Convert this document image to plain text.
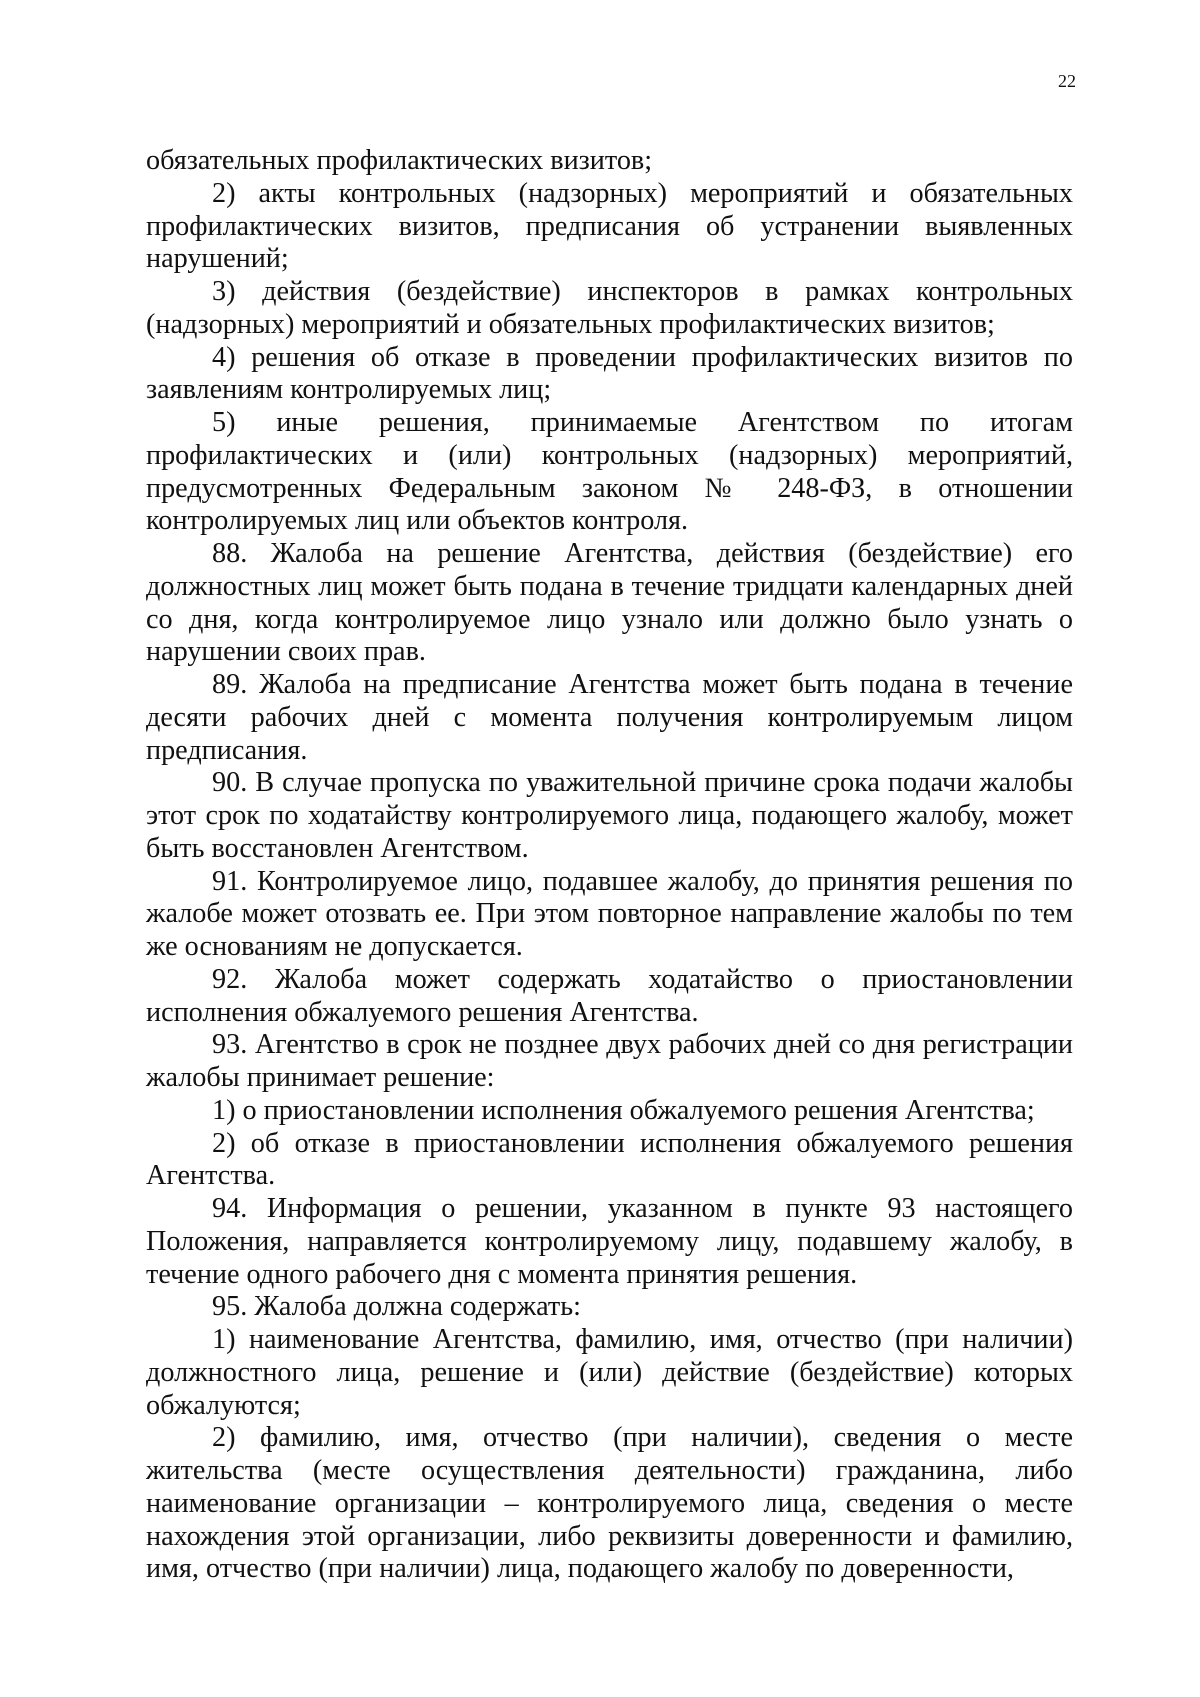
22

обязательных профилактических визитов;

2) акты контрольных (надзорных) мероприятий и обязательных профилактических визитов, предписания об устранении выявленных нарушений;

3) действия (бездействие) инспекторов в рамках контрольных (надзорных) мероприятий и обязательных профилактических визитов;

4) решения об отказе в проведении профилактических визитов по заявлениям контролируемых лиц;

5) иные решения, принимаемые Агентством по итогам профилактических и (или) контрольных (надзорных) мероприятий, предусмотренных Федеральным законом № 248-ФЗ, в отношении контролируемых лиц или объектов контроля.

88. Жалоба на решение Агентства, действия (бездействие) его должностных лиц может быть подана в течение тридцати календарных дней со дня, когда контролируемое лицо узнало или должно было узнать о нарушении своих прав.

89. Жалоба на предписание Агентства может быть подана в течение десяти рабочих дней с момента получения контролируемым лицом предписания.

90. В случае пропуска по уважительной причине срока подачи жалобы этот срок по ходатайству контролируемого лица, подающего жалобу, может быть восстановлен Агентством.

91. Контролируемое лицо, подавшее жалобу, до принятия решения по жалобе может отозвать ее. При этом повторное направление жалобы по тем же основаниям не допускается.

92. Жалоба может содержать ходатайство о приостановлении исполнения обжалуемого решения Агентства.

93. Агентство в срок не позднее двух рабочих дней со дня регистрации жалобы принимает решение:

1) о приостановлении исполнения обжалуемого решения Агентства;

2) об отказе в приостановлении исполнения обжалуемого решения Агентства.

94. Информация о решении, указанном в пункте 93 настоящего Положения, направляется контролируемому лицу, подавшему жалобу, в течение одного рабочего дня с момента принятия решения.

95. Жалоба должна содержать:

1) наименование Агентства, фамилию, имя, отчество (при наличии) должностного лица, решение и (или) действие (бездействие) которых обжалуются;

2) фамилию, имя, отчество (при наличии), сведения о месте жительства (месте осуществления деятельности) гражданина, либо наименование организации – контролируемого лица, сведения о месте нахождения этой организации, либо реквизиты доверенности и фамилию, имя, отчество (при наличии) лица, подающего жалобу по доверенности,
